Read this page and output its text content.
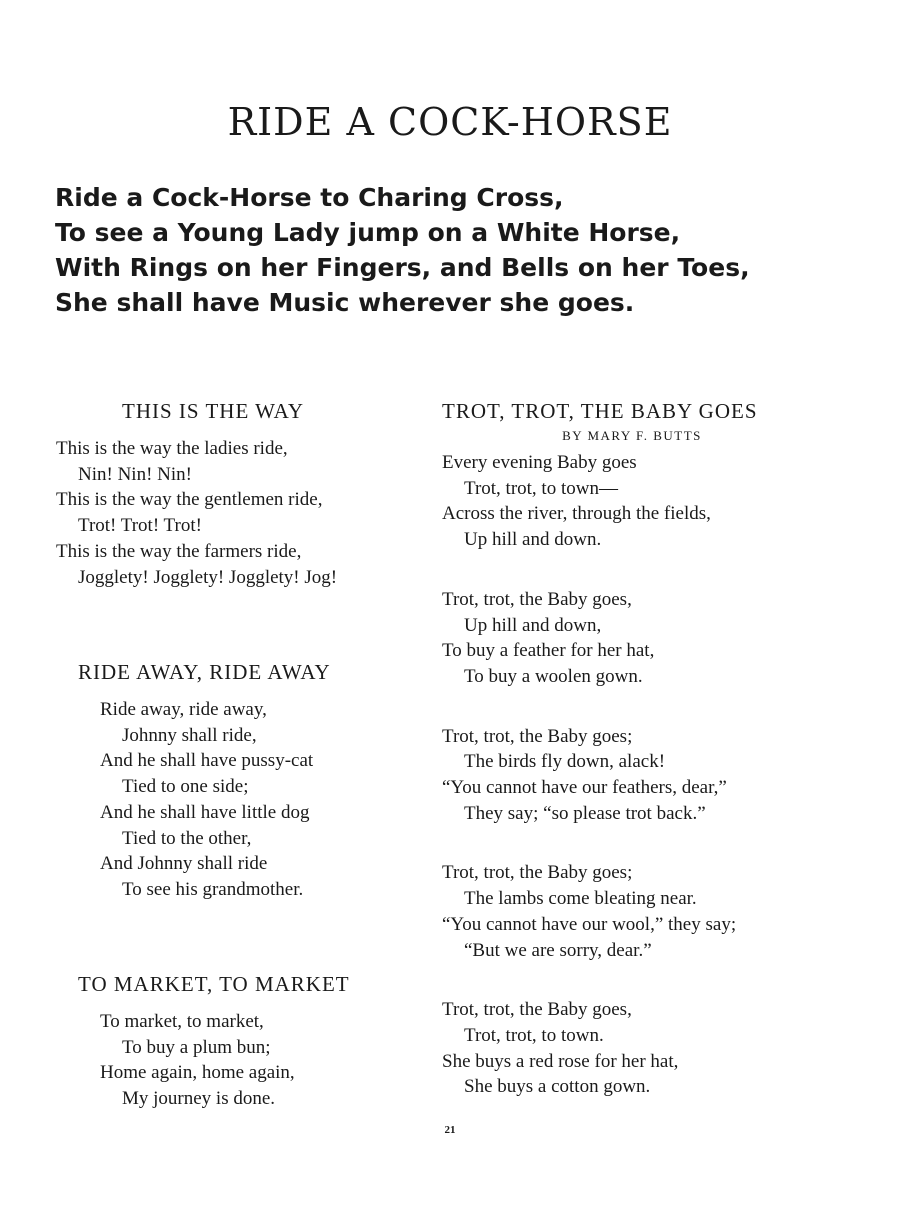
RIDE A COCK-HORSE
Ride a Cock-Horse to Charing Cross,
To see a Young Lady jump on a White Horse,
With Rings on her Fingers, and Bells on her Toes,
She shall have Music wherever she goes.
THIS IS THE WAY
This is the way the ladies ride,
Nin! Nin! Nin!
This is the way the gentlemen ride,
Trot! Trot! Trot!
This is the way the farmers ride,
Jogglety! Jogglety! Jogglety! Jog!
RIDE AWAY, RIDE AWAY
Ride away, ride away,
Johnny shall ride,
And he shall have pussy-cat
Tied to one side;
And he shall have little dog
Tied to the other,
And Johnny shall ride
To see his grandmother.
TO MARKET, TO MARKET
To market, to market,
To buy a plum bun;
Home again, home again,
My journey is done.
TROT, TROT, THE BABY GOES
BY MARY F. BUTTS
Every evening Baby goes
Trot, trot, to town—
Across the river, through the fields,
Up hill and down.
Trot, trot, the Baby goes,
Up hill and down,
To buy a feather for her hat,
To buy a woolen gown.
Trot, trot, the Baby goes;
The birds fly down, alack!
“You cannot have our feathers, dear,”
They say; “so please trot back.”
Trot, trot, the Baby goes;
The lambs come bleating near.
“You cannot have our wool,” they say;
“But we are sorry, dear.”
Trot, trot, the Baby goes,
Trot, trot, to town.
She buys a red rose for her hat,
She buys a cotton gown.
21
